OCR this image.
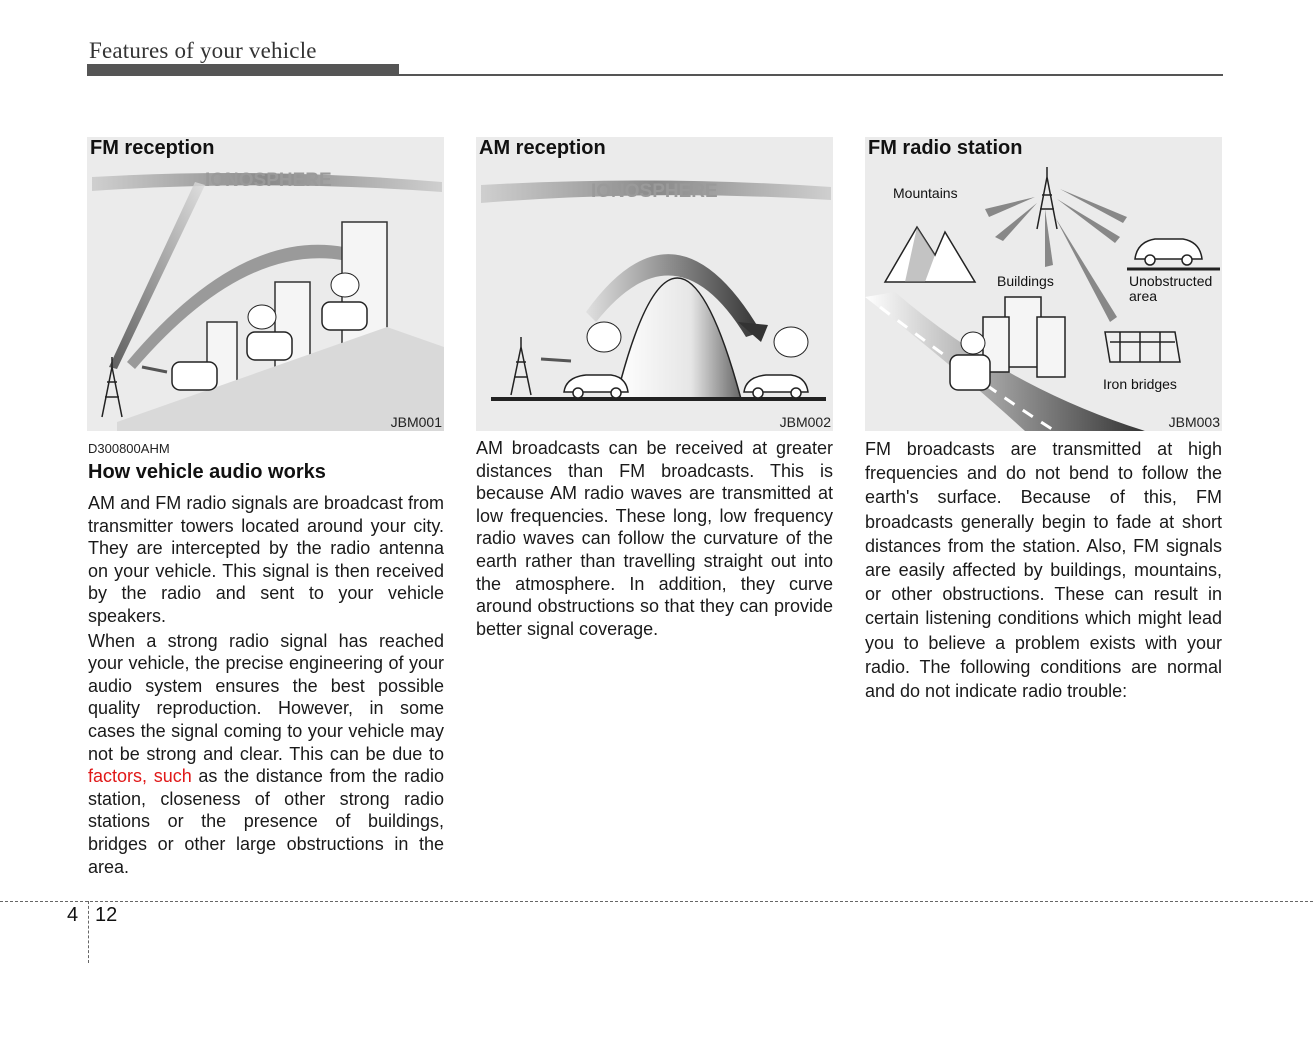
Features of your vehicle
IONOSPHERE
FM reception
JBM001
IONOSPHERE
AM reception
JBM002
FM radio station
Mountains
Buildings	Unobstructed
area
Iron bridges
JBM003
D300800AHM
How vehicle audio works

AM and FM radio signals are broadcast from transmitter towers located around your city. They are intercepted by the radio antenna on your vehicle. This signal is then received by the radio and sent to your vehicle speakers.

When a strong radio signal has reached your vehicle, the precise engineering of your audio system ensures the best possible quality reproduction. However, in some cases the signal coming to your vehicle may not be strong and clear. This can be due to factors, such as the distance from the radio station, closeness of other strong radio stations or the presence of buildings, bridges or other large obstructions in the area.

AM broadcasts can be received at greater distances than FM broadcasts. This is because AM radio waves are transmitted at low frequencies. These long, low frequency radio waves can follow the curvature of the earth rather than travelling straight out into the atmosphere. In addition, they curve around obstructions so that they can provide better signal coverage.

FM broadcasts are transmitted at high frequencies and do not bend to follow the earth's surface. Because of this, FM broadcasts generally begin to fade at short distances from the station. Also, FM signals are easily affected by buildings, mountains, or other obstructions. These can result in certain listening conditions which might lead you to believe a problem exists with your radio. The following conditions are normal and do not indicate radio trouble:

4 12
